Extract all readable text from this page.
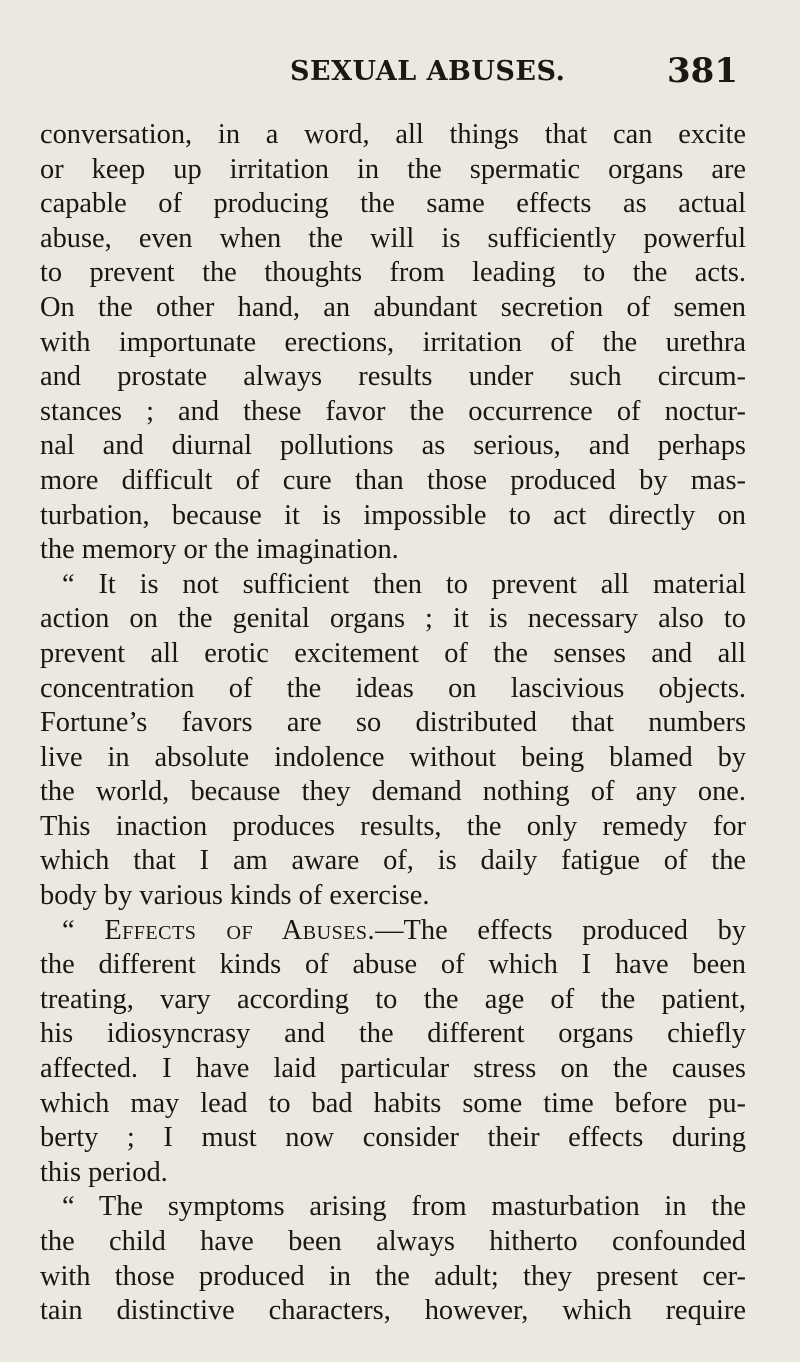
SEXUAL ABUSES.	381
conversation, in a word, all things that can excite
or keep up irritation in the spermatic organs are
capable of producing the same effects as actual
abuse, even when the will is sufficiently powerful
to prevent the thoughts from leading to the acts.
On the other hand, an abundant secretion of semen
with importunate erections, irritation of the urethra
and prostate always results under such circum-
stances ; and these favor the occurrence of noctur-
nal and diurnal pollutions as serious, and perhaps
more difficult of cure than those produced by mas-
turbation, because it is impossible to act directly on
the memory or the imagination.
“ It is not sufficient then to prevent all material
action on the genital organs ; it is necessary also to
prevent all erotic excitement of the senses and all
concentration of the ideas on lascivious objects.
Fortune’s favors are so distributed that numbers
live in absolute indolence without being blamed by
the world, because they demand nothing of any one.
This inaction produces results, the only remedy for
which that I am aware of, is daily fatigue of the
body by various kinds of exercise.
“ Effects of Abuses.—The effects produced by
the different kinds of abuse of which I have been
treating, vary according to the age of the patient,
his idiosyncrasy and the different organs chiefly
affected. I have laid particular stress on the causes
which may lead to bad habits some time before pu-
berty ; I must now consider their effects during
this period.
“ The symptoms arising from masturbation in the
the child have been always hitherto confounded
with those produced in the adult; they present cer-
tain distinctive characters, however, which require
